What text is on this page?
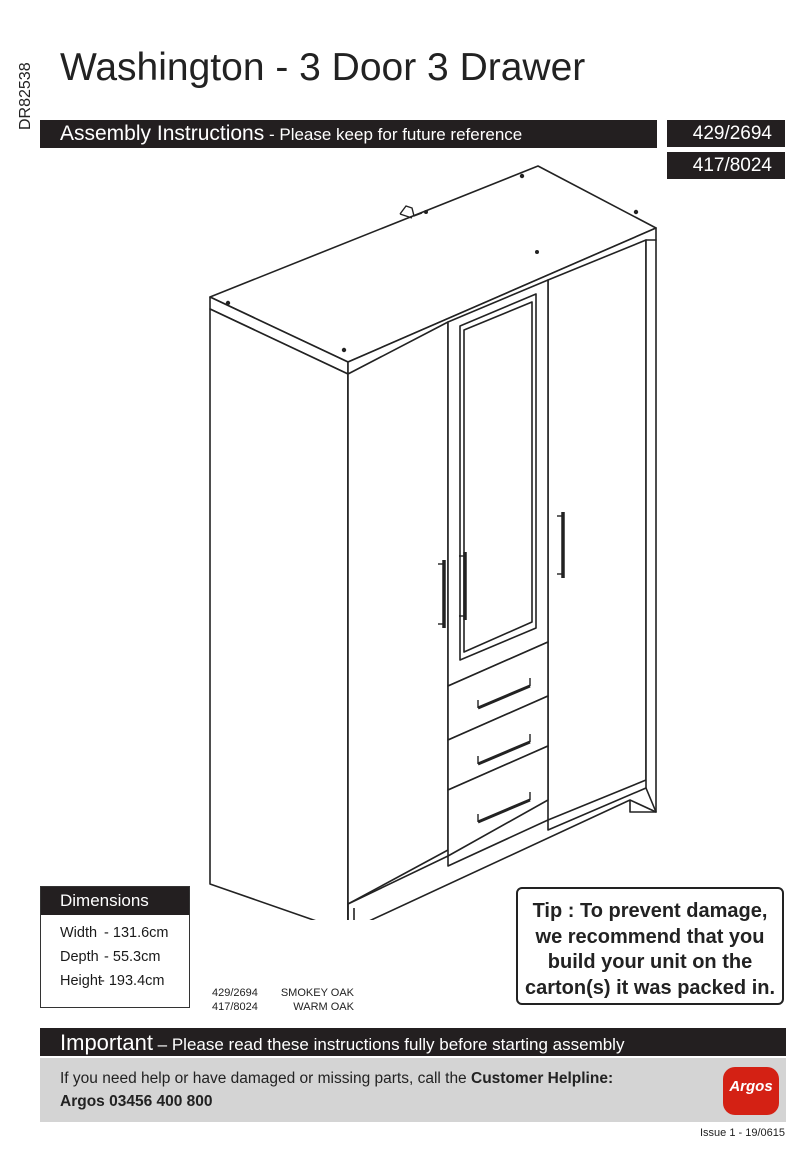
DR82538 Washington - 3 Door 3 Drawer
Assembly Instructions - Please keep for future reference	429/2694
417/8024
Dimensions
Width - 131.6cm
Depth - 55.3cm
Height- 193.4cm
429/2694	SMOKEY OAK
417/8024	WARM OAK
Tip : To prevent damage,
we recommend that you
build your unit on the
carton(s) it was packed in.
Important – Please read these instructions fully before starting assembly
If you need help or have damaged or missing parts, call the Customer Helpline:
Argos 03456 400 800
Argos
Issue 1 - 19/0615
